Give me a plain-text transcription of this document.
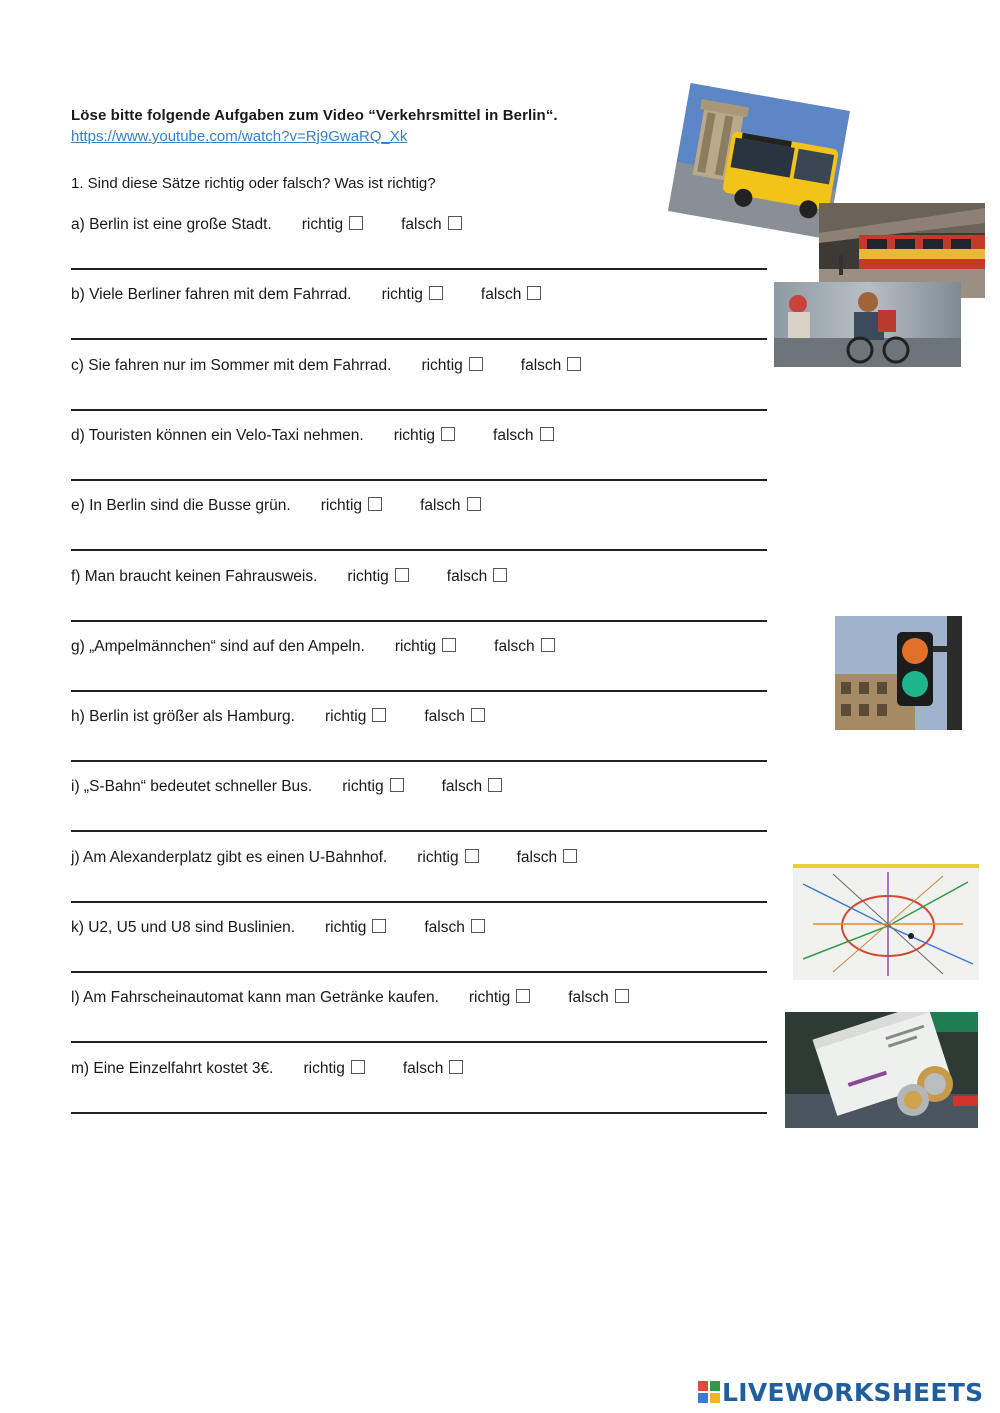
Löse bitte folgende Aufgaben zum Video “Verkehrsmittel in Berlin“.
https://www.youtube.com/watch?v=Rj9GwaRQ_Xk
1. Sind diese Sätze richtig oder falsch? Was ist richtig?
a) Berlin ist eine große Stadt. richtig	falsch
b) Viele Berliner fahren mit dem Fahrrad. richtig	falsch
c) Sie fahren nur im Sommer mit dem Fahrrad. richtig	falsch
d) Touristen können ein Velo-Taxi nehmen. richtig	falsch
e) In Berlin sind die Busse grün. richtig	falsch
f) Man braucht keinen Fahrausweis. richtig	falsch
g) „Ampelmännchen“ sind auf den Ampeln. richtig	falsch
h) Berlin ist größer als Hamburg. richtig	falsch
i) „S-Bahn“ bedeutet schneller Bus. richtig	falsch
j) Am Alexanderplatz gibt es einen U-Bahnhof. richtig	falsch
k) U2, U5 und U8 sind Buslinien. richtig	falsch
l) Am Fahrscheinautomat kann man Getränke kaufen. richtig	falsch
m) Eine Einzelfahrt kostet 3€. richtig	falsch
LIVEWORKSHEETS
